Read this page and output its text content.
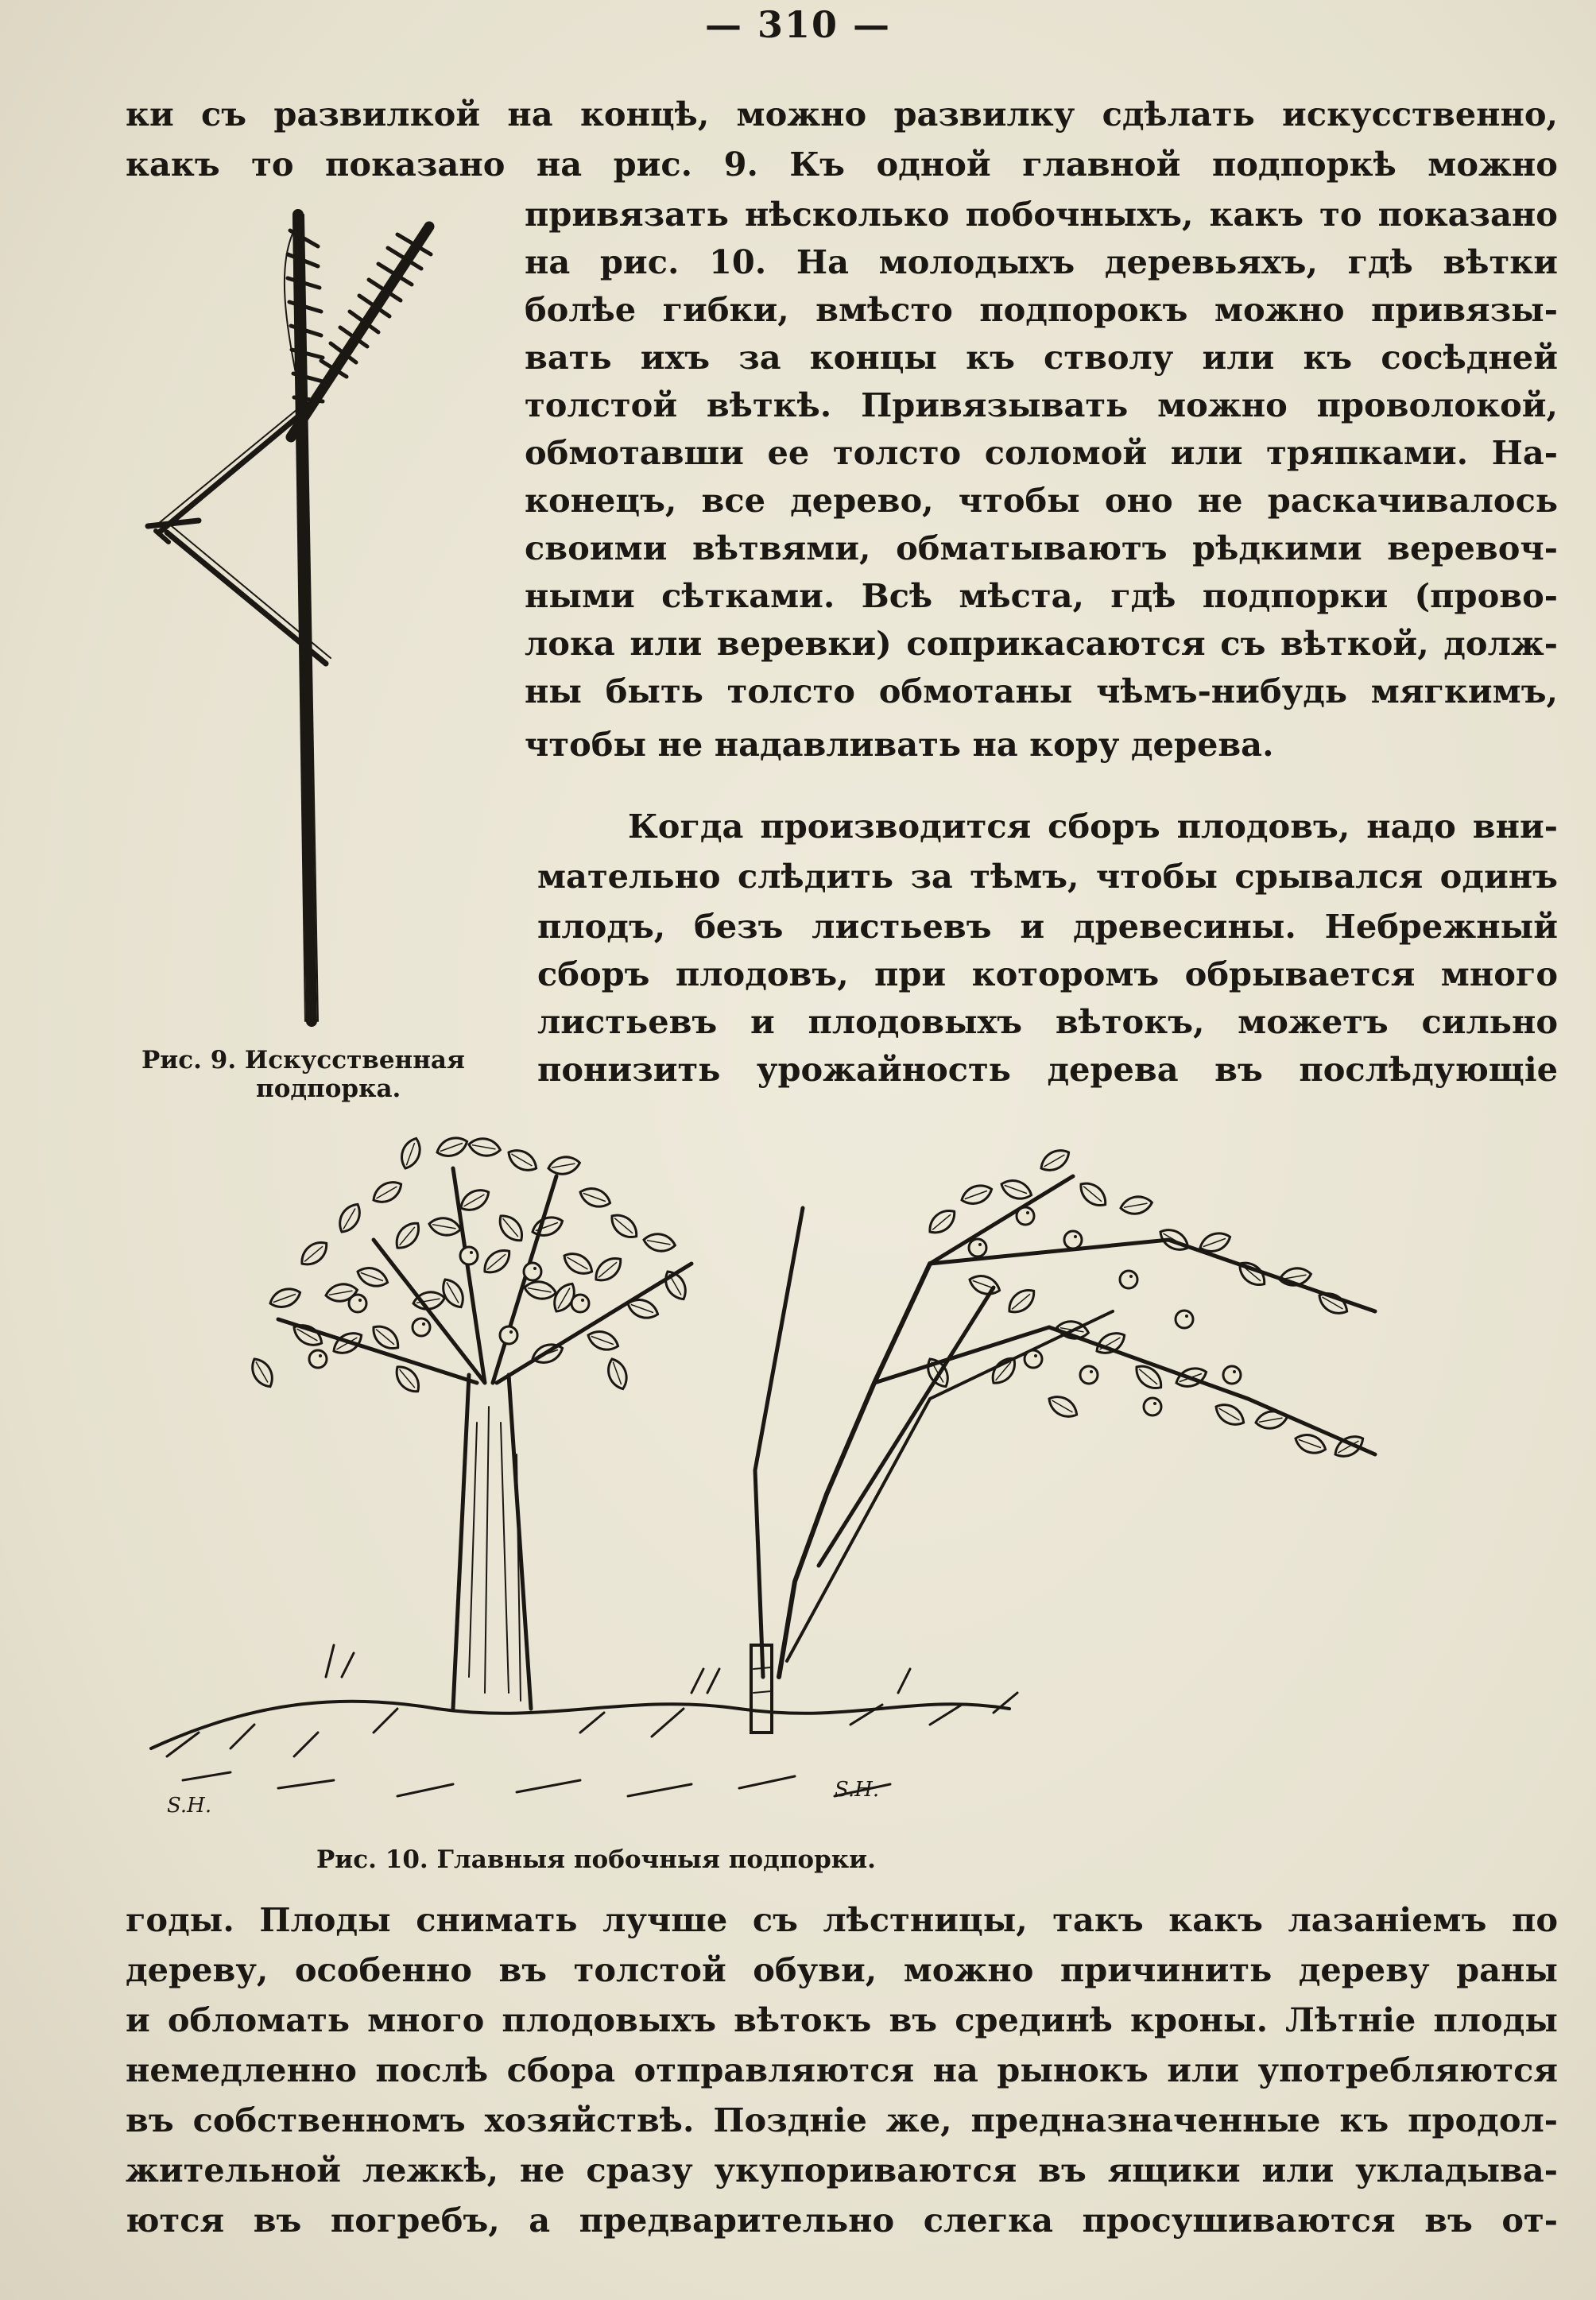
— 310 —
ки съ развилкой на концѣ, можно развилку сдѣлать искусственно,
какъ то показано на рис. 9. Къ одной главной подпоркѣ можно
привязать нѣсколько побочныхъ, какъ то показано
на рис. 10. На молодыхъ деревьяхъ, гдѣ вѣтки
болѣе гибки, вмѣсто подпорокъ можно привязы-
вать ихъ за концы къ стволу или къ сосѣдней
толстой вѣткѣ. Привязывать можно проволокой,
обмотавши ее толсто соломой или тряпками. На-
конецъ, все дерево, чтобы оно не раскачивалось
своими вѣтвями, обматываютъ рѣдкими веревоч-
ными сѣтками. Всѣ мѣста, гдѣ подпорки (прово-
лока или веревки) соприкасаются съ вѣткой, долж-
ны быть толсто обмотаны чѣмъ-нибудь мягкимъ,
чтобы не надавливать на кору дерева.
Когда производится сборъ плодовъ, надо вни-
мательно слѣдить за тѣмъ, чтобы срывался одинъ
плодъ, безъ листьевъ и древесины. Небрежный
сборъ плодовъ, при которомъ обрывается много
листьевъ и плодовыхъ вѣтокъ, можетъ сильно
понизить урожайность дерева въ послѣдующіе
Рис. 9. Искусственная
подпорка.
S.H.
S.H.
Рис. 10. Главныя побочныя подпорки.
годы. Плоды снимать лучше съ лѣстницы, такъ какъ лазаніемъ по
дереву, особенно въ толстой обуви, можно причинить дереву раны
и обломать много плодовыхъ вѣтокъ въ срединѣ кроны. Лѣтніе плоды
немедленно послѣ сбора отправляются на рынокъ или употребляются
въ собственномъ хозяйствѣ. Поздніе же, предназначенные къ продол-
жительной лежкѣ, не сразу укупориваются въ ящики или укладыва-
ются въ погребъ, а предварительно слегка просушиваются въ от-
